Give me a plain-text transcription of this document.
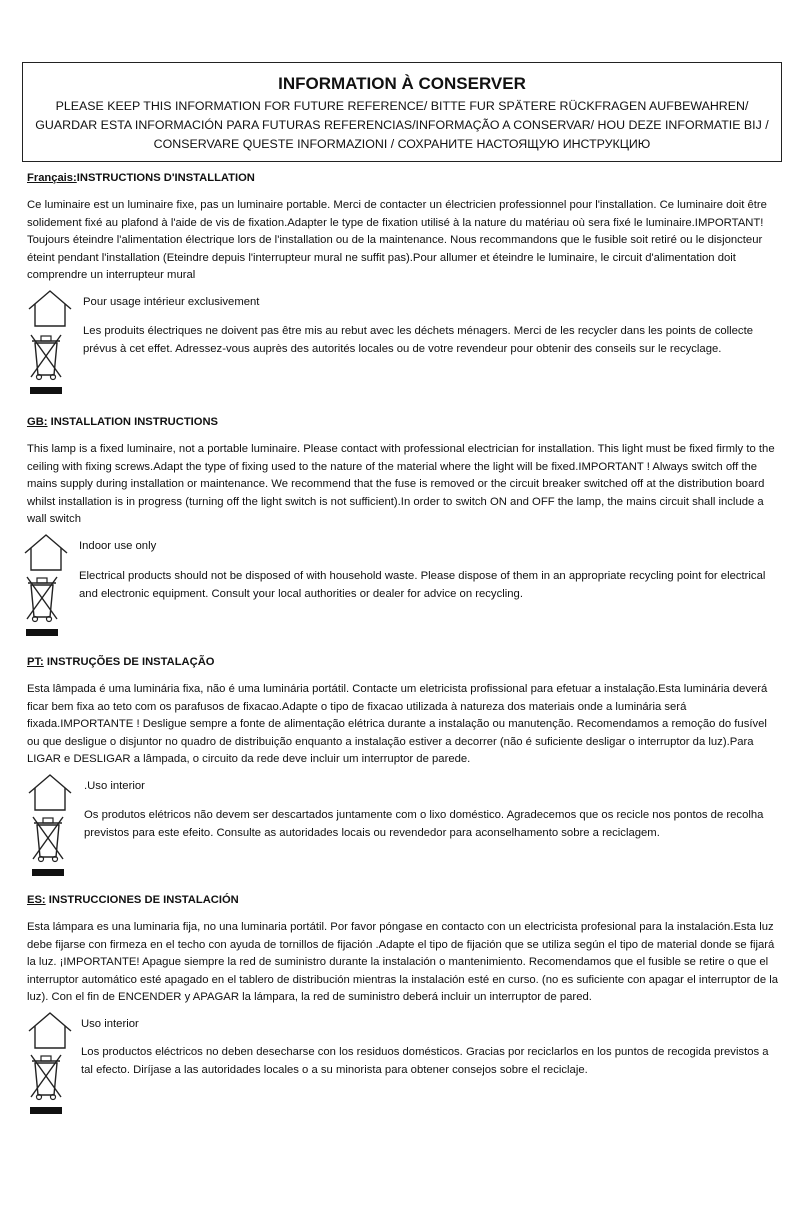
INFORMATION À CONSERVER
PLEASE KEEP THIS INFORMATION FOR FUTURE REFERENCE/ BITTE FUR SPÄTERE RÜCKFRAGEN AUFBEWAHREN/ GUARDAR ESTA INFORMACIÓN PARA FUTURAS REFERENCIAS/INFORMAÇÃO A CONSERVAR/ HOU DEZE INFORMATIE BIJ / CONSERVARE QUESTE INFORMAZIONI / СОХРАНИТЕ НАСТОЯЩУЮ ИНСТРУКЦИЮ
Français:INSTRUCTIONS D'INSTALLATION
Ce luminaire est un luminaire fixe, pas un luminaire portable. Merci de contacter un électricien professionnel pour l'installation. Ce luminaire doit être solidement fixé au plafond à l'aide de vis de fixation.Adapter le type de fixation utilisé à la nature du matériau où sera fixé le luminaire.IMPORTANT! Toujours éteindre l'alimentation électrique lors de l'installation ou de la maintenance. Nous recommandons que le fusible soit retiré ou le disjoncteur éteint pendant l'installation (Eteindre depuis l'interrupteur mural ne suffit pas).Pour allumer et éteindre le luminaire, le circuit d'alimentation doit comprendre un interrupteur mural
Pour usage intérieur exclusivement
Les produits électriques ne doivent pas être mis au rebut avec les déchets ménagers. Merci de les recycler dans les points de collecte prévus à cet effet. Adressez-vous auprès des autorités locales ou de votre revendeur pour obtenir des conseils sur le recyclage.
GB: INSTALLATION INSTRUCTIONS
This lamp is a fixed luminaire, not a portable luminaire. Please contact with professional electrician for installation. This light must be fixed firmly to the ceiling with fixing screws.Adapt the type of fixing used to the nature of the material where the light will be fixed.IMPORTANT ! Always switch off the mains supply during installation or maintenance. We recommend that the fuse is removed or the circuit breaker switched off at the distribution board whilst installation is in progress (turning off the light switch is not sufficient).In order to switch ON and OFF the lamp, the mains circuit shall include a wall switch
Indoor use only
Electrical products should not be disposed of with household waste. Please dispose of them in an appropriate recycling point for electrical and electronic equipment. Consult your local authorities or dealer for advice on recycling.
PT: INSTRUÇÕES DE INSTALAÇÃO
Esta lâmpada é uma luminária fixa, não é uma luminária portátil. Contacte um eletricista profissional para efetuar a instalação.Esta luminária deverá ficar bem fixa ao teto com os parafusos de fixacao.Adapte o tipo de fixacao utilizada à natureza dos materiais onde a luminária será fixada.IMPORTANTE ! Desligue sempre a fonte de alimentação elétrica durante a instalação ou manutenção. Recomendamos a remoção do fusível ou que desligue o disjuntor no quadro de distribuição enquanto a instalação estiver a decorrer (não é suficiente desligar o interruptor da luz).Para LIGAR e DESLIGAR a lâmpada, o circuito da rede deve incluir um interruptor de parede.
.Uso interior
Os produtos elétricos não devem ser descartados juntamente com o lixo doméstico. Agradecemos que os recicle nos pontos de recolha previstos para este efeito. Consulte as autoridades locais ou revendedor para aconselhamento sobre a reciclagem.
ES: INSTRUCCIONES DE INSTALACIÓN
Esta lámpara es una luminaria fija, no una luminaria portátil. Por favor póngase en contacto con un electricista profesional para la instalación.Esta luz debe fijarse con firmeza en el techo con ayuda de tornillos de fijación .Adapte el tipo de fijación que se utiliza según el tipo de material donde se fijará la luz. ¡IMPORTANTE! Apague siempre la red de suministro durante la instalación o mantenimiento. Recomendamos que el fusible se retire o que el interruptor automático esté apagado en el tablero de distribución mientras la instalación esté en curso. (no es suficiente con apagar el interruptor de la luz). Con el fin de ENCENDER y APAGAR la lámpara, la red de suministro deberá incluir un interruptor de pared.
Uso interior
Los productos eléctricos no deben desecharse con los residuos domésticos. Gracias por reciclarlos en los puntos de recogida previstos a tal efecto. Diríjase a las autoridades locales o a su minorista para obtener consejos sobre el reciclaje.
